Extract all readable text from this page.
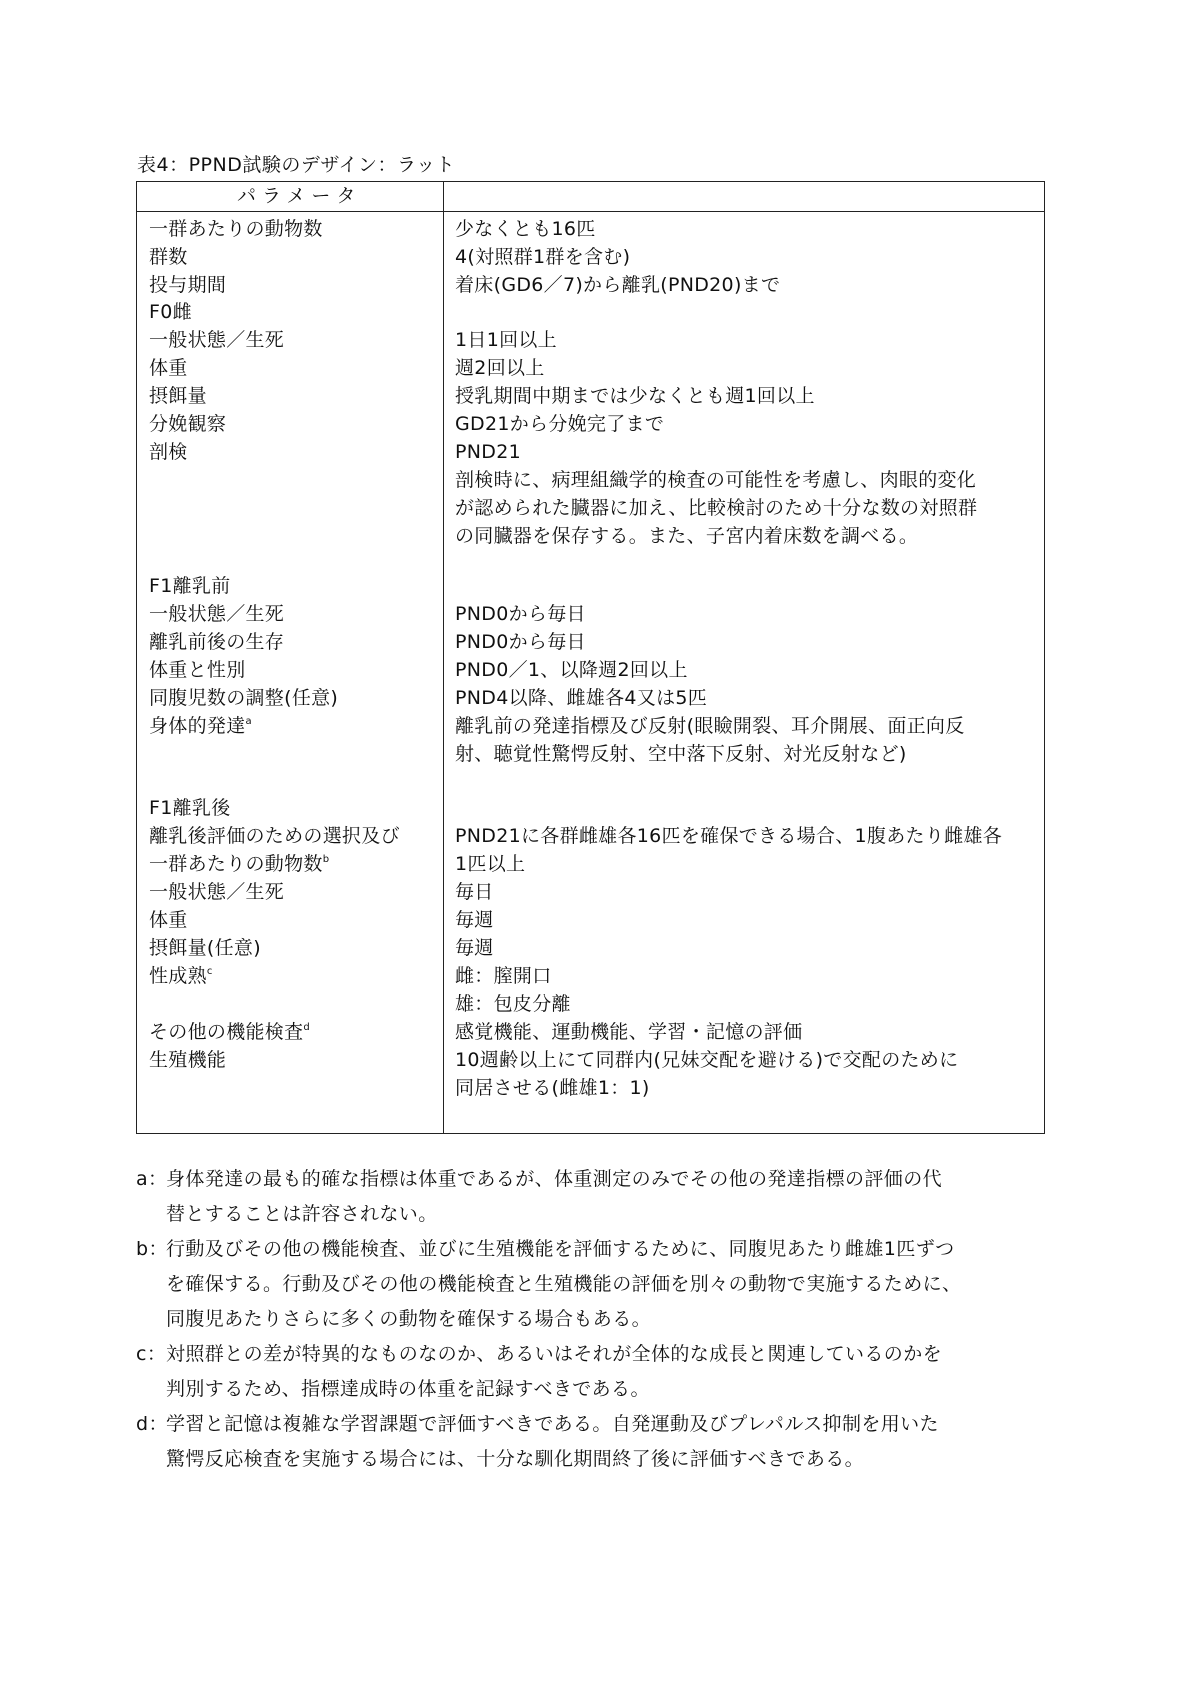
表4：PPND試験のデザイン：ラット
パラメータ
一群あたりの動物数
群数
投与期間
F0雌
一般状態／生死
体重
摂餌量
分娩観察
剖検
F1離乳前
一般状態／生死
離乳前後の生存
体重と性別
同腹児数の調整(任意)
身体的発達$^a$
F1離乳後
離乳後評価のための選択及び
一群あたりの動物数$^b$
一般状態／生死
体重
摂餌量(任意)
性成熟$^c$
その他の機能検査$^d$
生殖機能
少なくとも16匹
4(対照群1群を含む)
着床(GD6／7)から離乳(PND20)まで
1日1回以上
週2回以上
授乳期間中期までは少なくとも週1回以上
GD21から分娩完了まで
PND21
剖検時に、病理組織学的検査の可能性を考慮し、肉眼的変化
が認められた臓器に加え、比較検討のため十分な数の対照群
の同臓器を保存する。また、子宮内着床数を調べる。
PND0から毎日
PND0から毎日
PND0／1、以降週2回以上
PND4以降、雌雄各4又は5匹
離乳前の発達指標及び反射(眼瞼開裂、耳介開展、面正向反
射、聴覚性驚愕反射、空中落下反射、対光反射など)
PND21に各群雌雄各16匹を確保できる場合、1腹あたり雌雄各
1匹以上
毎日
毎週
毎週
雌：膣開口
雄：包皮分離
感覚機能、運動機能、学習・記憶の評価
10週齢以上にて同群内(兄妹交配を避ける)で交配のために
同居させる(雌雄1：1)
a：
身体発達の最も的確な指標は体重であるが、体重測定のみでその他の発達指標の評価の代
替とすることは許容されない。
b：
行動及びその他の機能検査、並びに生殖機能を評価するために、同腹児あたり雌雄1匹ずつ
を確保する。行動及びその他の機能検査と生殖機能の評価を別々の動物で実施するために、
同腹児あたりさらに多くの動物を確保する場合もある。
c： 対照群との差が特異的なものなのか、あるいはそれが全体的な成長と関連しているのかを
判別するため、指標達成時の体重を記録すべきである。
d：
学習と記憶は複雑な学習課題で評価すべきである。自発運動及びプレパルス抑制を用いた
驚愕反応検査を実施する場合には、十分な馴化期間終了後に評価すべきである。
